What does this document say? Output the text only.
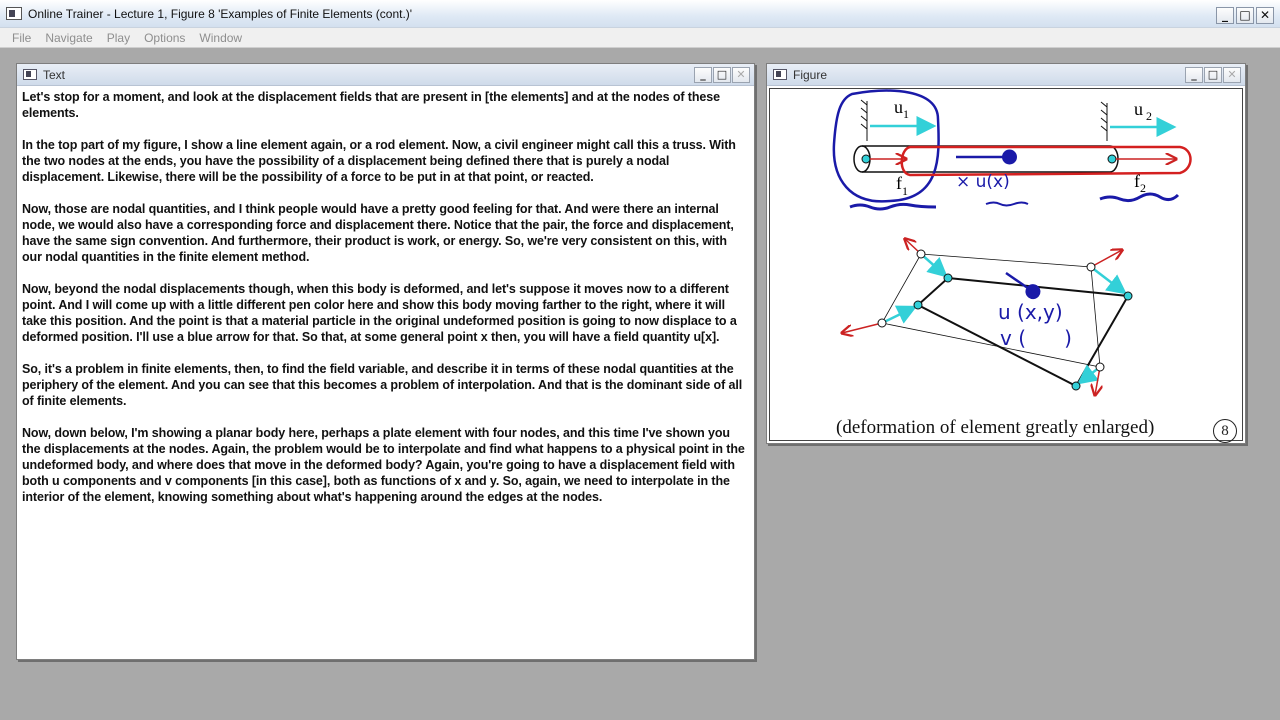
Online Trainer - Lecture 1, Figure 8 'Examples of Finite Elements (cont.)'	_ □ ✕
File Navigate Play Options Window
Text	_	□ ✕

Let's stop for a moment, and look at the displacement fields that are present in [the elements] and at the nodes of these elements.

In the top part of my figure, I show a line element again, or a rod element. Now, a civil engineer might call this a truss. With the two nodes at the ends, you have the possibility of a displacement being defined there that is purely a nodal displacement. Likewise, there will be the possibility of a force to be put in at that point, or reacted.

Now, those are nodal quantities, and I think people would have a pretty good feeling for that. And were there an internal node, we would also have a corresponding force and displacement there. Notice that the pair, the force and displacement, have the same sign convention. And furthermore, their product is work, or energy. So, we're very consistent on this, with our nodal quantities in the finite element method.

Now, beyond the nodal displacements though, when this body is deformed, and let's suppose it moves now to a different point. And I will come up with a little different pen color here and show this body moving farther to the right, where it will take this position. And the point is that a material particle in the original undeformed position is going to now displace to a deformed position. I'll use a blue arrow for that. So that, at some general point x then, you will have a field quantity u[x].

So, it's a problem in finite elements, then, to find the field variable, and describe it in terms of these nodal quantities at the periphery of the element. And you can see that this becomes a problem of interpolation. And that is the dominant side of all of finite elements.

Now, down below, I'm showing a planar body here, perhaps a plate element with four nodes, and this time I've shown you the displacements at the nodes. Again, the problem would be to interpolate and find what happens to a physical point in the undeformed body, and where does that move in the deformed body? Again, you're going to have a displacement field with both u components and v components [in this case], both as functions of x and y. So, again, we need to interpolate in the interior of the element, knowing something about what's happening around the edges at the nodes.

Figure	_	□ ✕
$u_1$	u $_2$
$f_1$	$f_2$
× u(x)
u (x,y)
v (      )
(deformation of element greatly enlarged)	8
